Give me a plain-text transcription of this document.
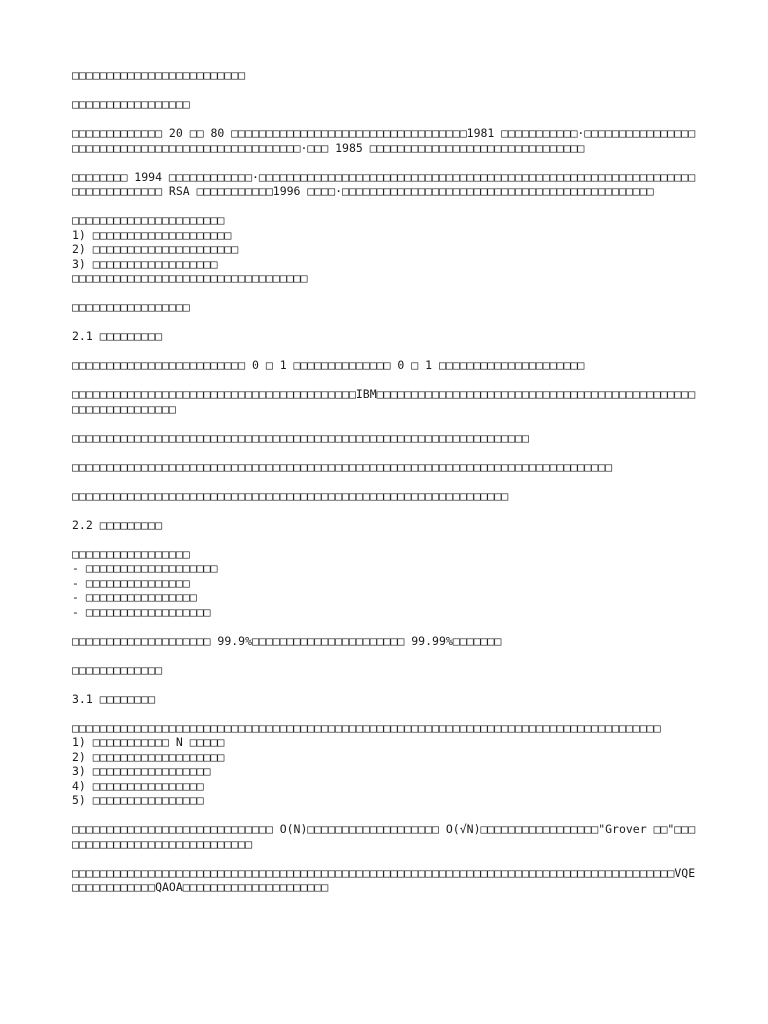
□□□□□□□□□□□□□□□□□□□□□□□□□
□□□□□□□□□□□□□□□□□
□□□□□□□□□□□□□ 20 □□ 80 □□□□□□□□□□□□□□□□□□□□□□□□□□□□□□□□□□1981 □□□□□□□□□□□·□□□□□□□□□□□□□□□□□□□□□□□□□□□□□□□□□□□□□□□□□□□□□□□□□·□□□ 1985 □□□□□□□□□□□□□□□□□□□□□□□□□□□□□□□
□□□□□□□□ 1994 □□□□□□□□□□□□·□□□□□□□□□□□□□□□□□□□□□□□□□□□□□□□□□□□□□□□□□□□□□□□□□□□□□□□□□□□□□□□□□□□□□□□□□□□□ RSA □□□□□□□□□□□1996 □□□□·□□□□□□□□□□□□□□□□□□□□□□□□□□□□□□□□□□□□□□□□□□□□□
□□□□□□□□□□□□□□□□□□□□□□
1) □□□□□□□□□□□□□□□□□□□□
2) □□□□□□□□□□□□□□□□□□□□□
3) □□□□□□□□□□□□□□□□□□
□□□□□□□□□□□□□□□□□□□□□□□□□□□□□□□□□□
□□□□□□□□□□□□□□□□□
2.1 □□□□□□□□□
□□□□□□□□□□□□□□□□□□□□□□□□□ 0 □ 1 □□□□□□□□□□□□□□ 0 □ 1 □□□□□□□□□□□□□□□□□□□□□
□□□□□□□□□□□□□□□□□□□□□□□□□□□□□□□□□□□□□□□□□IBM□□□□□□□□□□□□□□□□□□□□□□□□□□□□□□□□□□□□□□□□□□□□□□□□□□□□□□□□□□□□□
□□□□□□□□□□□□□□□□□□□□□□□□□□□□□□□□□□□□□□□□□□□□□□□□□□□□□□□□□□□□□□□□□□
□□□□□□□□□□□□□□□□□□□□□□□□□□□□□□□□□□□□□□□□□□□□□□□□□□□□□□□□□□□□□□□□□□□□□□□□□□□□□□
□□□□□□□□□□□□□□□□□□□□□□□□□□□□□□□□□□□□□□□□□□□□□□□□□□□□□□□□□□□□□□□
2.2 □□□□□□□□□
□□□□□□□□□□□□□□□□□
- □□□□□□□□□□□□□□□□□□□
- □□□□□□□□□□□□□□□
- □□□□□□□□□□□□□□□□
- □□□□□□□□□□□□□□□□□□
□□□□□□□□□□□□□□□□□□□□ 99.9%□□□□□□□□□□□□□□□□□□□□□□ 99.99%□□□□□□□
□□□□□□□□□□□□□
3.1 □□□□□□□□
□□□□□□□□□□□□□□□□□□□□□□□□□□□□□□□□□□□□□□□□□□□□□□□□□□□□□□□□□□□□□□□□□□□□□□□□□□□□□□□□□□□□□
1) □□□□□□□□□□□ N □□□□□
2) □□□□□□□□□□□□□□□□□□□
3) □□□□□□□□□□□□□□□□□
4) □□□□□□□□□□□□□□□□
5) □□□□□□□□□□□□□□□□
□□□□□□□□□□□□□□□□□□□□□□□□□□□□□ O(N)□□□□□□□□□□□□□□□□□□□ O(√N)□□□□□□□□□□□□□□□□□"Grover □□"□□□□□□□□□□□□□□□□□□□□□□□□□□□□□
□□□□□□□□□□□□□□□□□□□□□□□□□□□□□□□□□□□□□□□□□□□□□□□□□□□□□□□□□□□□□□□□□□□□□□□□□□□□□□□□□□□□□□□VQE□□□□□□□□□□□□QAOA□□□□□□□□□□□□□□□□□□□□□
